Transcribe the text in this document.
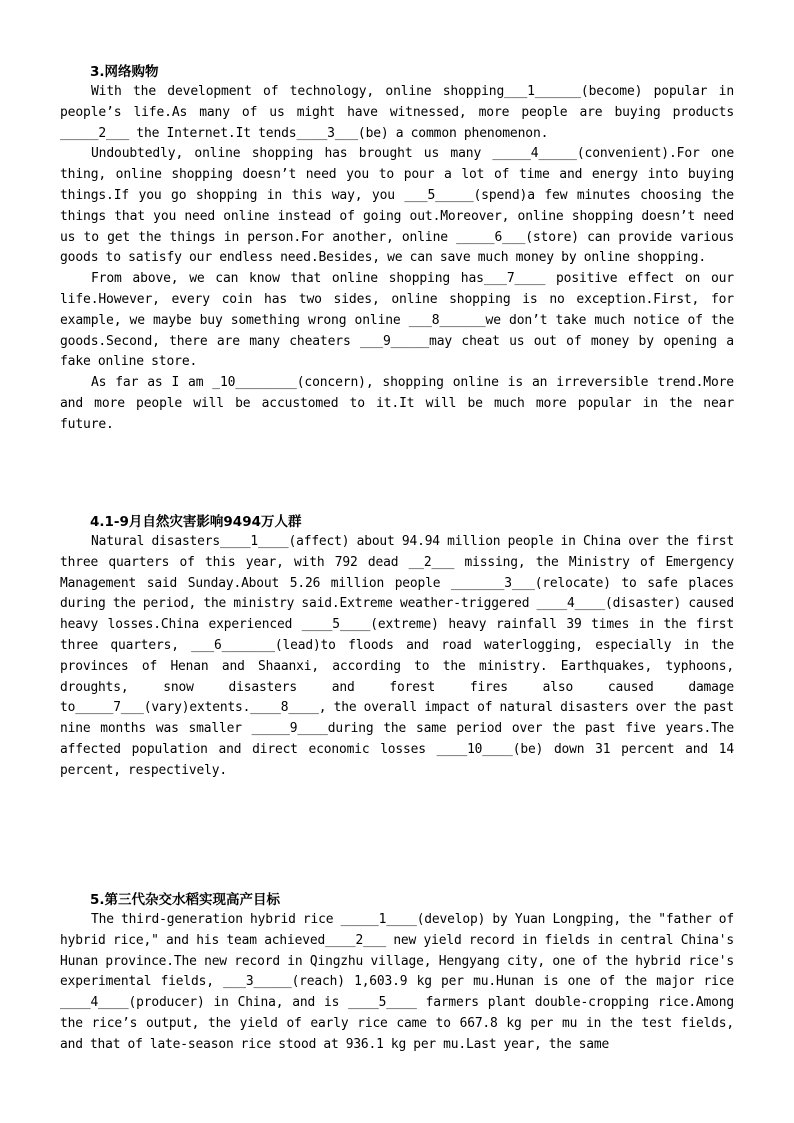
3.网络购物

With the development of technology, online shopping___1______(become) popular in people’s life.As many of us might have witnessed, more people are buying products _____2___ the Internet.It tends____3___(be) a common phenomenon.

Undoubtedly, online shopping has brought us many _____4_____(convenient).For one thing, online shopping doesn’t need you to pour a lot of time and energy into buying things.If you go shopping in this way, you ___5_____(spend)a few minutes choosing the things that you need online instead of going out.Moreover, online shopping doesn’t need us to get the things in person.For another, online _____6___(store) can provide various goods to satisfy our endless need.Besides, we can save much money by online shopping.

From above, we can know that online shopping has___7____ positive effect on our life.However, every coin has two sides, online shopping is no exception.First, for example, we maybe buy something wrong online ___8______we don’t take much notice of the goods.Second, there are many cheaters ___9_____may cheat us out of money by opening a fake online store.

As far as I am _10________(concern), shopping online is an irreversible trend.More and more people will be accustomed to it.It will be much more popular in the near future.

4.1-9月自然灾害影响9494万人群

Natural disasters____1____(affect) about 94.94 million people in China over the first three quarters of this year, with 792 dead __2___ missing, the Ministry of Emergency Management said Sunday.About 5.26 million people _______3___(relocate) to safe places during the period, the ministry said.Extreme weather-triggered ____4____(disaster) caused heavy losses.China experienced ____5____(extreme) heavy rainfall 39 times in the first three quarters, ___6_______(lead)to floods and road waterlogging, especially in the provinces of Henan and Shaanxi, according to the ministry. Earthquakes, typhoons, droughts, snow disasters and forest fires also caused damage to_____7___(vary)extents.____8____, the overall impact of natural disasters over the past nine months was smaller _____9____during the same period over the past five years.The affected population and direct economic losses ____10____(be) down 31 percent and 14 percent, respectively.

5.第三代杂交水稻实现高产目标

The third-generation hybrid rice _____1____(develop) by Yuan Longping, the "father of hybrid rice," and his team achieved____2___ new yield record in fields in central China's Hunan province.The new record in Qingzhu village, Hengyang city, one of the hybrid rice's experimental fields, ___3_____(reach) 1,603.9 kg per mu.Hunan is one of the major rice ____4____(producer) in China, and is ____5____ farmers plant double-cropping rice.Among the rice’s output, the yield of early rice came to 667.8 kg per mu in the test fields, and that of late-season rice stood at 936.1 kg per mu.Last year, the same
